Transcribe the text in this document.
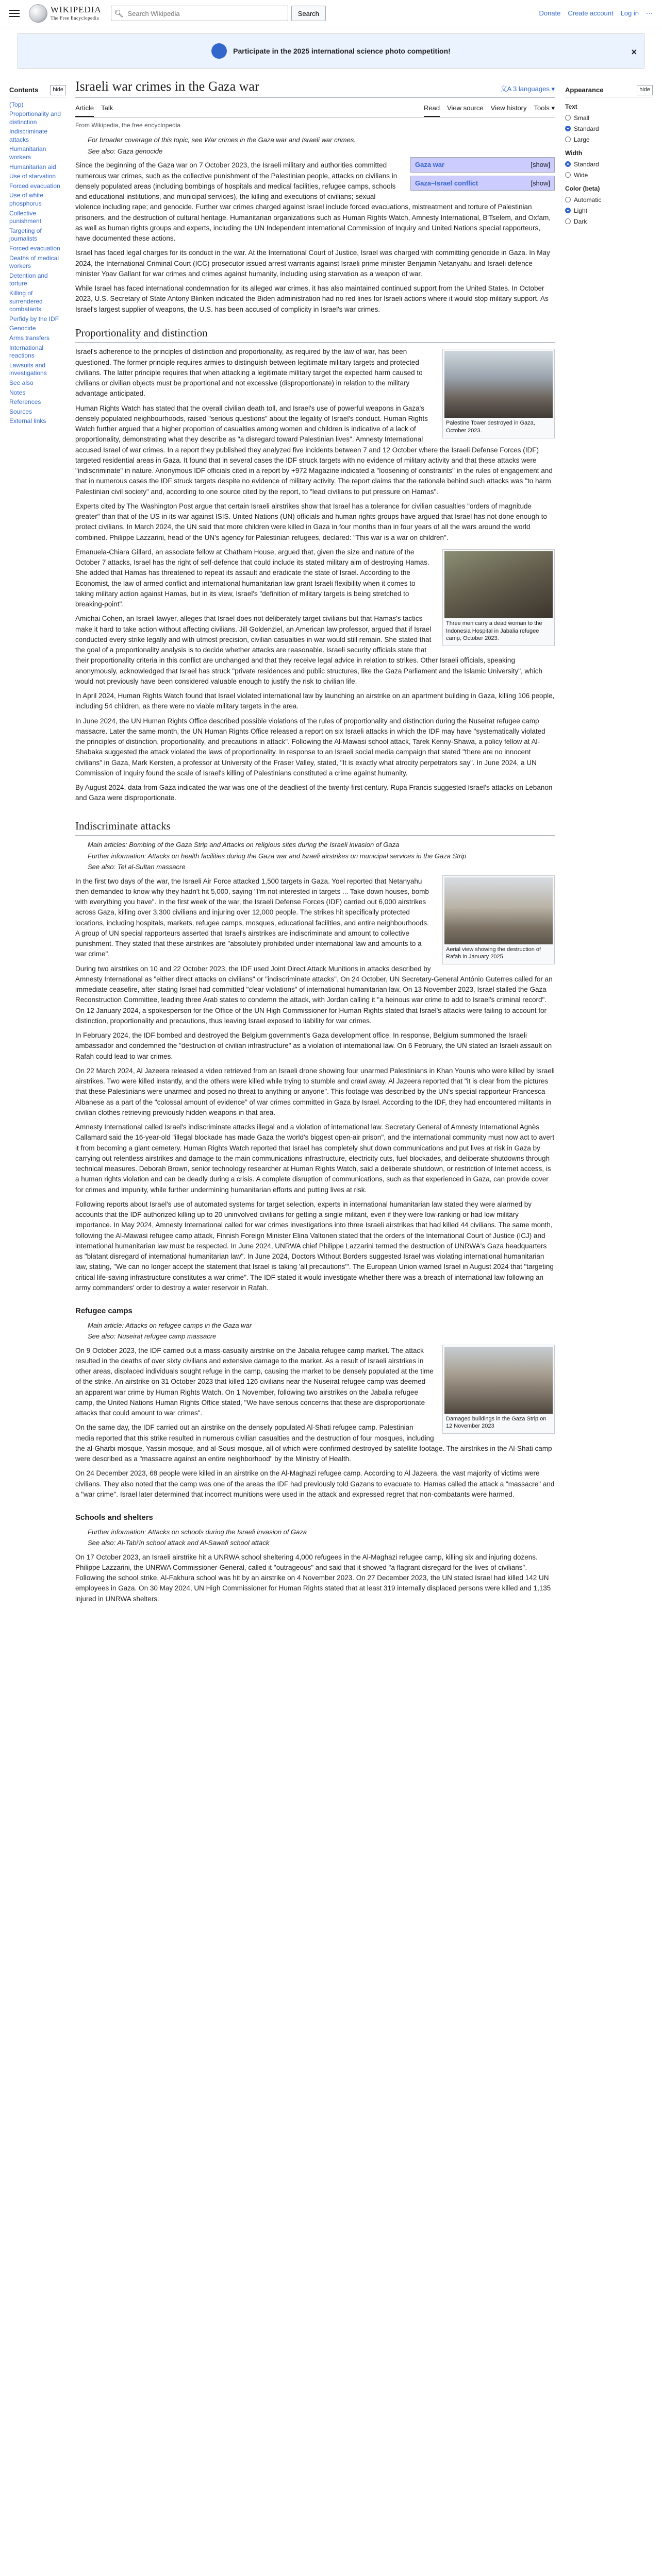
WIKIPEDIA
The Free Encyclopedia
🔍︎
Search Wikipedia	Search	Donate Create account Log in ···
Participate in the 2025 international science photo competition!	×
Contents	hide
(Top)
Proportionality and distinction
Indiscriminate attacks
Humanitarian workers
Humanitarian aid
Use of starvation
Forced evacuation
Use of white phosphorus
Collective punishment
Targeting of journalists
Forced evacuation
Deaths of medical workers
Detention and torture
Killing of surrendered combatants
Perfidy by the IDF
Genocide
Arms transfers
International reactions
Lawsuits and investigations
See also
Notes
References
Sources
External links
Israeli war crimes in the Gaza war	文A 3 languages ▾
Article Talk	Read View source View history Tools ▾
From Wikipedia, the free encyclopedia
For broader coverage of this topic, see War crimes in the Gaza war and Israeli war crimes.
See also: Gaza genocide
Gaza war	[show]
Gaza–Israel conflict	[show]

Since the beginning of the Gaza war on 7 October 2023, the Israeli military and authorities committed numerous war crimes, such as the collective punishment of the Palestinian people, attacks on civilians in densely populated areas (including bombings of hospitals and medical facilities, refugee camps, schools and educational institutions, and municipal services), the killing and executions of civilians; sexual violence including rape; and genocide. Further war crimes charged against Israel include forced evacuations, mistreatment and torture of Palestinian prisoners, and the destruction of cultural heritage. Humanitarian organizations such as Human Rights Watch, Amnesty International, B'Tselem, and Oxfam, as well as human rights groups and experts, including the UN Independent International Commission of Inquiry and United Nations special rapporteurs, have documented these actions.

Israel has faced legal charges for its conduct in the war. At the International Court of Justice, Israel was charged with committing genocide in Gaza. In May 2024, the International Criminal Court (ICC) prosecutor issued arrest warrants against Israeli prime minister Benjamin Netanyahu and Israeli defence minister Yoav Gallant for war crimes and crimes against humanity, including using starvation as a weapon of war.

While Israel has faced international condemnation for its alleged war crimes, it has also maintained continued support from the United States. In October 2023, U.S. Secretary of State Antony Blinken indicated the Biden administration had no red lines for Israeli actions where it would stop military support. As Israel's largest supplier of weapons, the U.S. has been accused of complicity in Israel's war crimes.

Proportionality and distinction
Palestine Tower destroyed in Gaza, October 2023.

Israel's adherence to the principles of distinction and proportionality, as required by the law of war, has been questioned. The former principle requires armies to distinguish between legitimate military targets and protected civilians. The latter principle requires that when attacking a legitimate military target the expected harm caused to civilians or civilian objects must be proportional and not excessive (disproportionate) in relation to the military advantage anticipated.

Human Rights Watch has stated that the overall civilian death toll, and Israel's use of powerful weapons in Gaza's densely populated neighbourhoods, raised "serious questions" about the legality of Israel's conduct. Human Rights Watch further argued that a higher proportion of casualties among women and children is indicative of a lack of proportionality, demonstrating what they describe as "a disregard toward Palestinian lives". Amnesty International accused Israel of war crimes. In a report they published they analyzed five incidents between 7 and 12 October where the Israeli Defense Forces (IDF) targeted residential areas in Gaza. It found that in several cases the IDF struck targets with no evidence of military activity and that these attacks were "indiscriminate" in nature. Anonymous IDF officials cited in a report by +972 Magazine indicated a "loosening of constraints" in the rules of engagement and that in numerous cases the IDF struck targets despite no evidence of military activity. The report claims that the rationale behind such attacks was "to harm Palestinian civil society" and, according to one source cited by the report, to "lead civilians to put pressure on Hamas".

Experts cited by The Washington Post argue that certain Israeli airstrikes show that Israel has a tolerance for civilian casualties "orders of magnitude greater" than that of the US in its war against ISIS. United Nations (UN) officials and human rights groups have argued that Israel has not done enough to protect civilians. In March 2024, the UN said that more children were killed in Gaza in four months than in four years of all the wars around the world combined. Philippe Lazzarini, head of the UN's agency for Palestinian refugees, declared: "This war is a war on children".

Three men carry a dead woman to the Indonesia Hospital in Jabalia refugee camp, October 2023.

Emanuela-Chiara Gillard, an associate fellow at Chatham House, argued that, given the size and nature of the October 7 attacks, Israel has the right of self-defence that could include its stated military aim of destroying Hamas. She added that Hamas has threatened to repeat its assault and eradicate the state of Israel. According to the Economist, the law of armed conflict and international humanitarian law grant Israeli flexibility when it comes to taking military action against Hamas, but in its view, Israel's "definition of military targets is being stretched to breaking-point".

Amichai Cohen, an Israeli lawyer, alleges that Israel does not deliberately target civilians but that Hamas's tactics make it hard to take action without affecting civilians. Jill Goldenziel, an American law professor, argued that if Israel conducted every strike legally and with utmost precision, civilian casualties in war would still remain. She stated that the goal of a proportionality analysis is to decide whether attacks are reasonable. Israeli security officials state that their proportionality criteria in this conflict are unchanged and that they receive legal advice in relation to strikes. Other Israeli officials, speaking anonymously, acknowledged that Israel has struck "private residences and public structures, like the Gaza Parliament and the Islamic University", which would not previously have been considered valuable enough to justify the risk to civilian life.

In April 2024, Human Rights Watch found that Israel violated international law by launching an airstrike on an apartment building in Gaza, killing 106 people, including 54 children, as there were no viable military targets in the area.

In June 2024, the UN Human Rights Office described possible violations of the rules of proportionality and distinction during the Nuseirat refugee camp massacre. Later the same month, the UN Human Rights Office released a report on six Israeli attacks in which the IDF may have "systematically violated the principles of distinction, proportionality, and precautions in attack". Following the Al-Mawasi school attack, Tarek Kenny-Shawa, a policy fellow at Al-Shabaka suggested the attack violated the laws of proportionality. In response to an Israeli social media campaign that stated "there are no innocent civilians" in Gaza, Mark Kersten, a professor at University of the Fraser Valley, stated, "It is exactly what atrocity perpetrators say". In June 2024, a UN Commission of Inquiry found the scale of Israel's killing of Palestinians constituted a crime against humanity.

By August 2024, data from Gaza indicated the war was one of the deadliest of the twenty-first century. Rupa Francis suggested Israel's attacks on Lebanon and Gaza were disproportionate.

Indiscriminate attacks
Main articles: Bombing of the Gaza Strip and Attacks on religious sites during the Israeli invasion of Gaza
Further information: Attacks on health facilities during the Gaza war and Israeli airstrikes on municipal services in the Gaza Strip
See also: Tel al-Sultan massacre
Aerial view showing the destruction of Rafah in January 2025

In the first two days of the war, the Israeli Air Force attacked 1,500 targets in Gaza. Yoel reported that Netanyahu then demanded to know why they hadn't hit 5,000, saying "I'm not interested in targets ... Take down houses, bomb with everything you have". In the first week of the war, the Israeli Defense Forces (IDF) carried out 6,000 airstrikes across Gaza, killing over 3,300 civilians and injuring over 12,000 people. The strikes hit specifically protected locations, including hospitals, markets, refugee camps, mosques, educational facilities, and entire neighbourhoods. A group of UN special rapporteurs asserted that Israel's airstrikes are indiscriminate and amount to collective punishment. They stated that these airstrikes are "absolutely prohibited under international law and amounts to a war crime".

During two airstrikes on 10 and 22 October 2023, the IDF used Joint Direct Attack Munitions in attacks described by Amnesty International as "either direct attacks on civilians" or "indiscriminate attacks". On 24 October, UN Secretary-General António Guterres called for an immediate ceasefire, after stating Israel had committed "clear violations" of international humanitarian law. On 13 November 2023, Israel stalled the Gaza Reconstruction Committee, leading three Arab states to condemn the attack, with Jordan calling it "a heinous war crime to add to Israel's criminal record". On 12 January 2024, a spokesperson for the Office of the UN High Commissioner for Human Rights stated that Israel's attacks were failing to account for distinction, proportionality and precautions, thus leaving Israel exposed to liability for war crimes.

In February 2024, the IDF bombed and destroyed the Belgium government's Gaza development office. In response, Belgium summoned the Israeli ambassador and condemned the "destruction of civilian infrastructure" as a violation of international law. On 6 February, the UN stated an Israeli assault on Rafah could lead to war crimes.

On 22 March 2024, Al Jazeera released a video retrieved from an Israeli drone showing four unarmed Palestinians in Khan Younis who were killed by Israeli airstrikes. Two were killed instantly, and the others were killed while trying to stumble and crawl away. Al Jazeera reported that "it is clear from the pictures that these Palestinians were unarmed and posed no threat to anything or anyone". This footage was described by the UN's special rapporteur Francesca Albanese as a part of the "colossal amount of evidence" of war crimes committed in Gaza by Israel. According to the IDF, they had encountered militants in civilian clothes retrieving previously hidden weapons in that area.

Amnesty International called Israel's indiscriminate attacks illegal and a violation of international law. Secretary General of Amnesty International Agnès Callamard said the 16-year-old "illegal blockade has made Gaza the world's biggest open-air prison", and the international community must now act to avert it from becoming a giant cemetery. Human Rights Watch reported that Israel has completely shut down communications and put lives at risk in Gaza by carrying out relentless airstrikes and damage to the main communications infrastructure, electricity cuts, fuel blockades, and deliberate shutdowns through technical measures. Deborah Brown, senior technology researcher at Human Rights Watch, said a deliberate shutdown, or restriction of Internet access, is a human rights violation and can be deadly during a crisis. A complete disruption of communications, such as that experienced in Gaza, can provide cover for crimes and impunity, while further undermining humanitarian efforts and putting lives at risk.

Following reports about Israel's use of automated systems for target selection, experts in international humanitarian law stated they were alarmed by accounts that the IDF authorized killing up to 20 uninvolved civilians for getting a single militant, even if they were low-ranking or had low military importance. In May 2024, Amnesty International called for war crimes investigations into three Israeli airstrikes that had killed 44 civilians. The same month, following the Al-Mawasi refugee camp attack, Finnish Foreign Minister Elina Valtonen stated that the orders of the International Court of Justice (ICJ) and international humanitarian law must be respected. In June 2024, UNRWA chief Philippe Lazzarini termed the destruction of UNRWA's Gaza headquarters as "blatant disregard of international humanitarian law". In June 2024, Doctors Without Borders suggested Israel was violating international humanitarian law, stating, "We can no longer accept the statement that Israel is taking 'all precautions'". The European Union warned Israel in August 2024 that "targeting critical life-saving infrastructure constitutes a war crime". The IDF stated it would investigate whether there was a breach of international law following an army commanders' order to destroy a water reservoir in Rafah.

Refugee camps
Main article: Attacks on refugee camps in the Gaza war
See also: Nuseirat refugee camp massacre
Damaged buildings in the Gaza Strip on 12 November 2023

On 9 October 2023, the IDF carried out a mass-casualty airstrike on the Jabalia refugee camp market. The attack resulted in the deaths of over sixty civilians and extensive damage to the market. As a result of Israeli airstrikes in other areas, displaced individuals sought refuge in the camp, causing the market to be densely populated at the time of the strike. An airstrike on 31 October 2023 that killed 126 civilians near the Nuseirat refugee camp was deemed an apparent war crime by Human Rights Watch. On 1 November, following two airstrikes on the Jabalia refugee camp, the United Nations Human Rights Office stated, "We have serious concerns that these are disproportionate attacks that could amount to war crimes".

On the same day, the IDF carried out an airstrike on the densely populated Al-Shati refugee camp. Palestinian media reported that this strike resulted in numerous civilian casualties and the destruction of four mosques, including the al-Gharbi mosque, Yassin mosque, and al-Sousi mosque, all of which were confirmed destroyed by satellite footage. The airstrikes in the Al-Shati camp were described as a "massacre against an entire neighborhood" by the Ministry of Health.

On 24 December 2023, 68 people were killed in an airstrike on the Al-Maghazi refugee camp. According to Al Jazeera, the vast majority of victims were civilians. They also noted that the camp was one of the areas the IDF had previously told Gazans to evacuate to. Hamas called the attack a "massacre" and a "war crime". Israel later determined that incorrect munitions were used in the attack and expressed regret that non-combatants were harmed.

Schools and shelters
Further information: Attacks on schools during the Israeli invasion of Gaza
See also: Al-Tabi'in school attack and Al-Sawafi school attack

On 17 October 2023, an Israeli airstrike hit a UNRWA school sheltering 4,000 refugees in the Al-Maghazi refugee camp, killing six and injuring dozens. Philippe Lazzarini, the UNRWA Commissioner-General, called it "outrageous" and said that it showed "a flagrant disregard for the lives of civilians". Following the school strike, Al-Fakhura school was hit by an airstrike on 4 November 2023. On 27 December 2023, the UN stated Israel had killed 142 UN employees in Gaza. On 30 May 2024, UN High Commissioner for Human Rights stated that at least 319 internally displaced persons were killed and 1,135 injured in UNRWA shelters.

Appearance	hide
Text
Small
Standard
Large
Width
Standard
Wide
Color (beta)
Automatic
Light
Dark
